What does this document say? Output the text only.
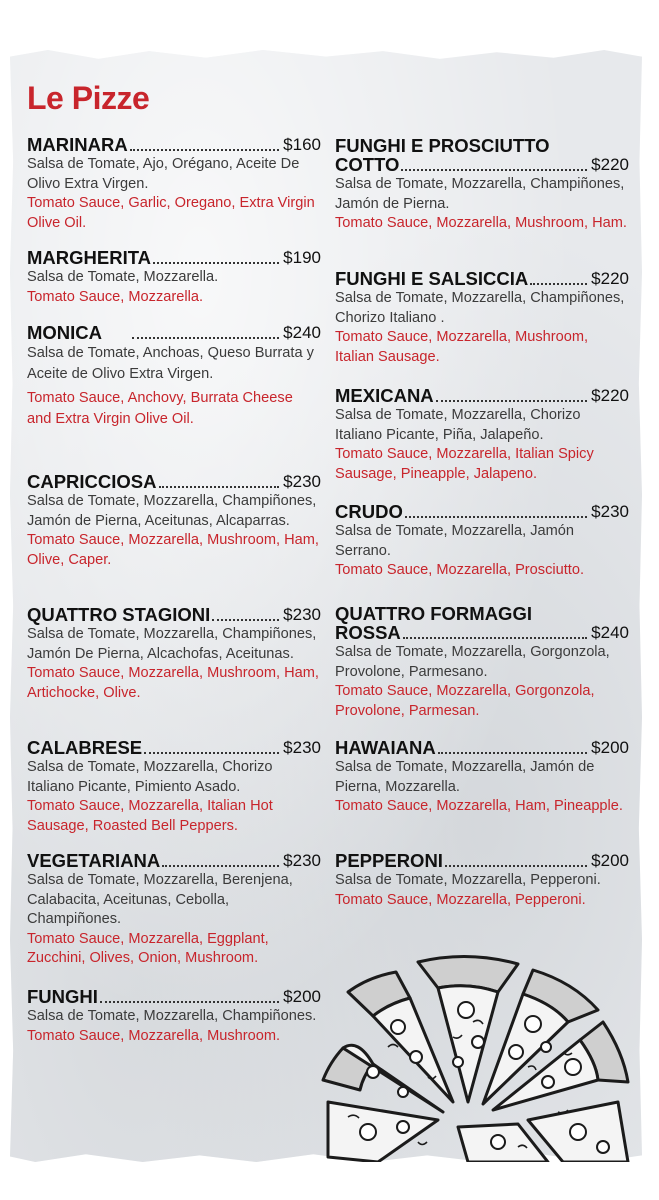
Le Pizze
MARINARA	$160

Salsa de Tomate, Ajo, Orégano, Aceite De Olivo Extra Virgen.

Tomato Sauce, Garlic, Oregano, Extra Virgin Olive Oil.

MARGHERITA	$190

Salsa de Tomate, Mozzarella.

Tomato Sauce, Mozzarella.

MONICA	$240

Salsa de Tomate, Anchoas, Queso Burrata y Aceite de Olivo Extra Virgen.

Tomato Sauce, Anchovy, Burrata Cheese and Extra Virgin Olive Oil.

CAPRICCIOSA	$230

Salsa de Tomate, Mozzarella, Champiñones, Jamón de Pierna, Aceitunas, Alcaparras.

Tomato Sauce, Mozzarella, Mushroom, Ham, Olive, Caper.

QUATTRO STAGIONI	$230

Salsa de Tomate, Mozzarella, Champiñones, Jamón De Pierna, Alcachofas, Aceitunas.

Tomato Sauce, Mozzarella, Mushroom, Ham, Artichocke, Olive.

CALABRESE	$230

Salsa de Tomate, Mozzarella, Chorizo Italiano Picante, Pimiento Asado.

Tomato Sauce, Mozzarella, Italian Hot Sausage, Roasted Bell Peppers.

VEGETARIANA	$230

Salsa de Tomate, Mozzarella, Berenjena, Calabacita, Aceitunas, Cebolla, Champiñones.

Tomato Sauce, Mozzarella, Eggplant, Zucchini, Olives, Onion, Mushroom.

FUNGHI	$200

Salsa de Tomate, Mozzarella, Champiñones.

Tomato Sauce, Mozzarella, Mushroom.

FUNGHI E PROSCIUTTO
COTTO	$220

Salsa de Tomate, Mozzarella, Champiñones, Jamón de Pierna.

Tomato Sauce, Mozzarella, Mushroom, Ham.

FUNGHI E SALSICCIA	$220

Salsa de Tomate, Mozzarella, Champiñones, Chorizo Italiano .

Tomato Sauce, Mozzarella, Mushroom, Italian Sausage.

MEXICANA	$220

Salsa de Tomate, Mozzarella, Chorizo Italiano Picante, Piña, Jalapeño.

Tomato Sauce, Mozzarella, Italian Spicy Sausage, Pineapple, Jalapeno.

CRUDO	$230

Salsa de Tomate, Mozzarella, Jamón Serrano.

Tomato Sauce, Mozzarella, Prosciutto.

QUATTRO FORMAGGI
ROSSA	$240

Salsa de Tomate, Mozzarella, Gorgonzola, Provolone, Parmesano.

Tomato Sauce, Mozzarella, Gorgonzola, Provolone, Parmesan.

HAWAIANA	$200

Salsa de Tomate, Mozzarella, Jamón de Pierna, Mozzarella.

Tomato Sauce, Mozzarella, Ham, Pineapple.

PEPPERONI	$200

Salsa de Tomate, Mozzarella, Pepperoni.

Tomato Sauce, Mozzarella, Pepperoni.
